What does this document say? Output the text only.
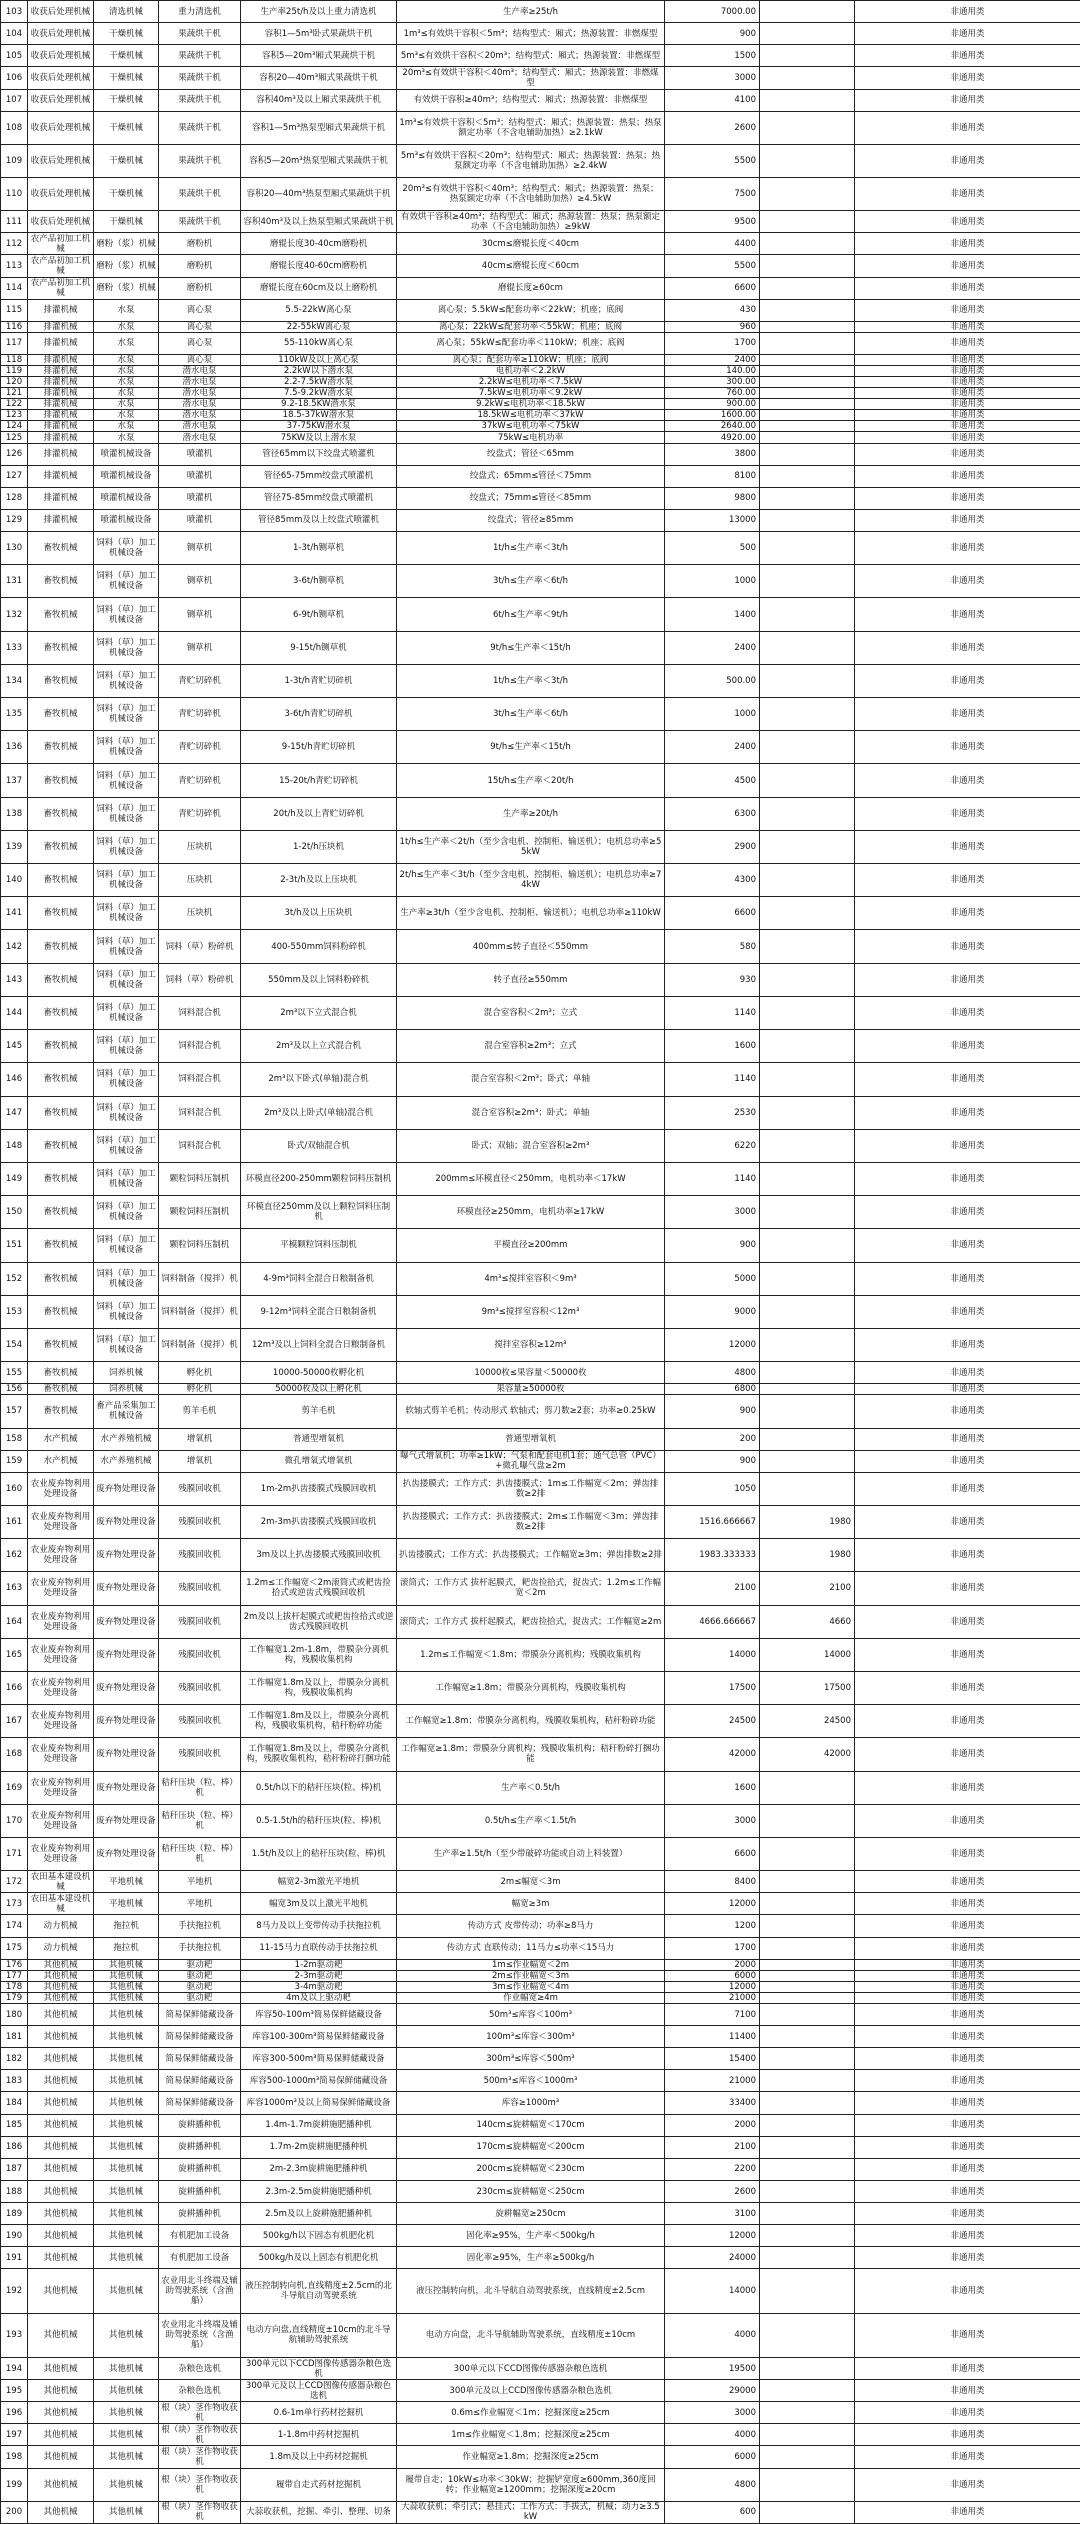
103	收获后处理机械	清选机械	重力清选机	生产率25t/h及以上重力清选机	生产率≥25t/h	7000.00		非通用类
104	收获后处理机械	干燥机械	果蔬烘干机	容积1—5m³卧式果蔬烘干机	1m³≤有效烘干容积＜5m³；结构型式：厢式；热源装置：非燃煤型	900		非通用类
105	收获后处理机械	干燥机械	果蔬烘干机	容积5—20m³厢式果蔬烘干机	5m³≤有效烘干容积＜20m³；结构型式：厢式；热源装置：非燃煤型	1500		非通用类
106	收获后处理机械	干燥机械	果蔬烘干机	容积20—40m³厢式果蔬烘干机	20m³≤有效烘干容积＜40m³；结构型式：厢式；热源装置：非燃煤型	3000		非通用类
107	收获后处理机械	干燥机械	果蔬烘干机	容积40m³及以上厢式果蔬烘干机	有效烘干容积≥40m³；结构型式：厢式；热源装置：非燃煤型	4100		非通用类
108	收获后处理机械	干燥机械	果蔬烘干机	容积1—5m³热泵型厢式果蔬烘干机	1m³≤有效烘干容积＜5m³；结构型式：厢式；热源装置：热泵；热泵额定功率（不含电辅助加热）≥2.1kW	2600		非通用类
109	收获后处理机械	干燥机械	果蔬烘干机	容积5—20m³热泵型厢式果蔬烘干机	5m³≤有效烘干容积＜20m³；结构型式：厢式；热源装置：热泵；热泵额定功率（不含电辅助加热）≥2.4kW	5500		非通用类
110	收获后处理机械	干燥机械	果蔬烘干机	容积20—40m³热泵型厢式果蔬烘干机	20m³≤有效烘干容积＜40m³；结构型式：厢式；热源装置：热泵；热泵额定功率（不含电辅助加热）≥4.5kW	7500		非通用类
111	收获后处理机械	干燥机械	果蔬烘干机	容积40m³及以上热泵型厢式果蔬烘干机	有效烘干容积≥40m³；结构型式：厢式；热源装置：热泵；热泵额定功率（不含电辅助加热）≥9kW	9500		非通用类
112	农产品初加工机械	磨粉（浆）机械	磨粉机	磨辊长度30-40cm磨粉机	30cm≤磨辊长度＜40cm	4400		非通用类
113	农产品初加工机械	磨粉（浆）机械	磨粉机	磨辊长度40-60cm磨粉机	40cm≤磨辊长度＜60cm	5500		非通用类
114	农产品初加工机械	磨粉（浆）机械	磨粉机	磨辊长度在60cm及以上磨粉机	磨辊长度≥60cm	6600		非通用类
115	排灌机械	水泵	离心泵	5.5-22kW离心泵	离心泵；5.5kW≤配套功率＜22kW；机座；底阀	430		非通用类
116	排灌机械	水泵	离心泵	22-55kW离心泵	离心泵；22kW≤配套功率＜55kW；机座；底阀	960		非通用类
117	排灌机械	水泵	离心泵	55-110kW离心泵	离心泵；55kW≤配套功率＜110kW；机座；底阀	1700		非通用类
118	排灌机械	水泵	离心泵	110kW及以上离心泵	离心泵；配套功率≥110kW；机座；底阀	2400		非通用类
119	排灌机械	水泵	潜水电泵	2.2kW以下潜水泵	电机功率＜2.2kW	140.00		非通用类
120	排灌机械	水泵	潜水电泵	2.2-7.5kW潜水泵	2.2kW≤电机功率＜7.5kW	300.00		非通用类
121	排灌机械	水泵	潜水电泵	7.5-9.2kW潜水泵	7.5kW≤电机功率＜9.2kW	760.00		非通用类
122	排灌机械	水泵	潜水电泵	9.2-18.5KW潜水泵	9.2kW≤电机功率＜18.5kW	900.00		非通用类
123	排灌机械	水泵	潜水电泵	18.5-37kW潜水泵	18.5kW≤电机功率＜37kW	1600.00		非通用类
124	排灌机械	水泵	潜水电泵	37-75KW潜水泵	37kW≤电机功率＜75kW	2640.00		非通用类
125	排灌机械	水泵	潜水电泵	75KW及以上潜水泵	75kW≤电机功率	4920.00		非通用类
126	排灌机械	喷灌机械设备	喷灌机	管径65mm以下绞盘式喷灌机	绞盘式；管径＜65mm	3800		非通用类
127	排灌机械	喷灌机械设备	喷灌机	管径65-75mm绞盘式喷灌机	绞盘式；65mm≤管径＜75mm	8100		非通用类
128	排灌机械	喷灌机械设备	喷灌机	管径75-85mm绞盘式喷灌机	绞盘式；75mm≤管径＜85mm	9800		非通用类
129	排灌机械	喷灌机械设备	喷灌机	管径85mm及以上绞盘式喷灌机	绞盘式；管径≥85mm	13000		非通用类
130	畜牧机械	饲料（草）加工机械设备	铡草机	1-3t/h铡草机	1t/h≤生产率＜3t/h	500		非通用类
131	畜牧机械	饲料（草）加工机械设备	铡草机	3-6t/h铡草机	3t/h≤生产率＜6t/h	1000		非通用类
132	畜牧机械	饲料（草）加工机械设备	铡草机	6-9t/h铡草机	6t/h≤生产率＜9t/h	1400		非通用类
133	畜牧机械	饲料（草）加工机械设备	铡草机	9-15t/h铡草机	9t/h≤生产率＜15t/h	2400		非通用类
134	畜牧机械	饲料（草）加工机械设备	青贮切碎机	1-3t/h青贮切碎机	1t/h≤生产率＜3t/h	500.00		非通用类
135	畜牧机械	饲料（草）加工机械设备	青贮切碎机	3-6t/h青贮切碎机	3t/h≤生产率＜6t/h	1000		非通用类
136	畜牧机械	饲料（草）加工机械设备	青贮切碎机	9-15t/h青贮切碎机	9t/h≤生产率＜15t/h	2400		非通用类
137	畜牧机械	饲料（草）加工机械设备	青贮切碎机	15-20t/h青贮切碎机	15t/h≤生产率＜20t/h	4500		非通用类
138	畜牧机械	饲料（草）加工机械设备	青贮切碎机	20t/h及以上青贮切碎机	生产率≥20t/h	6300		非通用类
139	畜牧机械	饲料（草）加工机械设备	压块机	1-2t/h压块机	1t/h≤生产率＜2t/h（至少含电机、控制柜、输送机）；电机总功率≥55kW	2900		非通用类
140	畜牧机械	饲料（草）加工机械设备	压块机	2-3t/h及以上压块机	2t/h≤生产率＜3t/h（至少含电机、控制柜、输送机）；电机总功率≥74kW	4300		非通用类
141	畜牧机械	饲料（草）加工机械设备	压块机	3t/h及以上压块机	生产率≥3t/h（至少含电机、控制柜、输送机）；电机总功率≥110kW	6600		非通用类
142	畜牧机械	饲料（草）加工机械设备	饲料（草）粉碎机	400-550mm饲料粉碎机	400mm≤转子直径＜550mm	580		非通用类
143	畜牧机械	饲料（草）加工机械设备	饲料（草）粉碎机	550mm及以上饲料粉碎机	转子直径≥550mm	930		非通用类
144	畜牧机械	饲料（草）加工机械设备	饲料混合机	2m³以下立式混合机	混合室容积＜2m³；立式	1140		非通用类
145	畜牧机械	饲料（草）加工机械设备	饲料混合机	2m³及以上立式混合机	混合室容积≥2m³；立式	1600		非通用类
146	畜牧机械	饲料（草）加工机械设备	饲料混合机	2m³以下卧式(单轴)混合机	混合室容积＜2m³；卧式；单轴	1140		非通用类
147	畜牧机械	饲料（草）加工机械设备	饲料混合机	2m³及以上卧式(单轴)混合机	混合室容积≥2m³；卧式；单轴	2530		非通用类
148	畜牧机械	饲料（草）加工机械设备	饲料混合机	卧式/双轴混合机	卧式；双轴；混合室容积≥2m³	6220		非通用类
149	畜牧机械	饲料（草）加工机械设备	颗粒饲料压制机	环模直径200-250mm颗粒饲料压制机	200mm≤环模直径＜250mm，电机功率＜17kW	1140		非通用类
150	畜牧机械	饲料（草）加工机械设备	颗粒饲料压制机	环模直径250mm及以上颗粒饲料压制机	环模直径≥250mm，电机功率≥17kW	3000		非通用类
151	畜牧机械	饲料（草）加工机械设备	颗粒饲料压制机	平模颗粒饲料压制机	平模直径≥200mm	900		非通用类
152	畜牧机械	饲料（草）加工机械设备	饲料制备（搅拌）机	4-9m³饲料全混合日粮制备机	4m³≤搅拌室容积＜9m³	5000		非通用类
153	畜牧机械	饲料（草）加工机械设备	饲料制备（搅拌）机	9-12m³饲料全混合日粮制备机	9m³≤搅拌室容积＜12m³	9000		非通用类
154	畜牧机械	饲料（草）加工机械设备	饲料制备（搅拌）机	12m³及以上饲料全混合日粮制备机	搅拌室容积≥12m³	12000		非通用类
155	畜牧机械	饲养机械	孵化机	10000-50000枚孵化机	10000枚≤果容量＜50000枚	4800		非通用类
156	畜牧机械	饲养机械	孵化机	50000枚及以上孵化机	果容量≥50000枚	6800		非通用类
157	畜牧机械	畜产品采集加工机械设备	剪羊毛机	剪羊毛机	软轴式剪羊毛机；传动形式 软轴式；剪刀数≥2套；功率≥0.25kW	900		非通用类
158	水产机械	水产养殖机械	增氧机	普通型增氧机	普通型增氧机	200		非通用类
159	水产机械	水产养殖机械	增氧机	微孔增氧式增氧机	曝气式增氧机；功率≥1kW；气泵和配套电机1套；通气总管（PVC）+微孔曝气盘≥2m	900		非通用类
160	农业废弃物利用处理设备	废弃物处理设备	残膜回收机	1m-2m扒齿搂膜式残膜回收机	扒齿搂膜式；工作方式：扒齿搂膜式；1m≤工作幅宽＜2m；弹齿排数≥2排	1050		非通用类
161	农业废弃物利用处理设备	废弃物处理设备	残膜回收机	2m-3m扒齿搂膜式残膜回收机	扒齿搂膜式；工作方式：扒齿搂膜式；2m≤工作幅宽＜3m；弹齿排数≥2排	1516.666667	1980	非通用类
162	农业废弃物利用处理设备	废弃物处理设备	残膜回收机	3m及以上扒齿搂膜式残膜回收机	扒齿搂膜式；工作方式：扒齿搂膜式；工作幅宽≥3m；弹齿排数≥2排	1983.333333	1980	非通用类
163	农业废弃物利用处理设备	废弃物处理设备	残膜回收机	1.2m≤工作幅宽＜2m滚筒式或耙齿捡拾式或逆齿式残膜回收机	滚筒式；工作方式 拔杆起膜式，耙齿捡拾式，捉齿式；1.2m≤工作幅宽＜2m	2100	2100	非通用类
164	农业废弃物利用处理设备	废弃物处理设备	残膜回收机	2m及以上拔杆起膜式或耙齿捡拾式或逆齿式残膜回收机	滚筒式；工作方式 拔杆起膜式，耙齿捡拾式，捉齿式；工作幅宽≥2m	4666.666667	4660	非通用类
165	农业废弃物利用处理设备	废弃物处理设备	残膜回收机	工作幅宽1.2m-1.8m，带膜杂分离机构，残膜收集机构	1.2m≤工作幅宽＜1.8m；带膜杂分离机构；残膜收集机构	14000	14000	非通用类
166	农业废弃物利用处理设备	废弃物处理设备	残膜回收机	工作幅宽1.8m及以上，带膜杂分离机构，残膜收集机构	工作幅宽≥1.8m；带膜杂分离机构，残膜收集机构	17500	17500	非通用类
167	农业废弃物利用处理设备	废弃物处理设备	残膜回收机	工作幅宽1.8m及以上，带膜杂分离机构，残膜收集机构，秸秆粉碎功能	工作幅宽≥1.8m；带膜杂分离机构，残膜收集机构，秸秆粉碎功能	24500	24500	非通用类
168	农业废弃物利用处理设备	废弃物处理设备	残膜回收机	工作幅宽1.8m及以上，带膜杂分离机构，残膜收集机构，秸秆粉碎打捆功能	工作幅宽≥1.8m；带膜杂分离机构；残膜收集机构；秸秆粉碎打捆功能	42000	42000	非通用类
169	农业废弃物利用处理设备	废弃物处理设备	秸秆压块（粒、棒）机	0.5t/h以下的秸秆压块(粒、棒)机	生产率＜0.5t/h	1600		非通用类
170	农业废弃物利用处理设备	废弃物处理设备	秸秆压块（粒、棒）机	0.5-1.5t/h的秸秆压块(粒、棒)机	0.5t/h≤生产率＜1.5t/h	3000		非通用类
171	农业废弃物利用处理设备	废弃物处理设备	秸秆压块（粒、棒）机	1.5t/h及以上的秸秆压块(粒、棒)机	生产率≥1.5t/h（至少带破碎功能或自动上料装置）	6600		非通用类
172	农田基本建设机械	平地机械	平地机	幅宽2-3m激光平地机	2m≤幅宽＜3m	8400		非通用类
173	农田基本建设机械	平地机械	平地机	幅宽3m及以上激光平地机	幅宽≥3m	12000		非通用类
174	动力机械	拖拉机	手扶拖拉机	8马力及以上变带传动手扶拖拉机	传动方式 皮带传动；功率≥8马力	1200		非通用类
175	动力机械	拖拉机	手扶拖拉机	11-15马力直联传动手扶拖拉机	传动方式 直联传动；11马力≤功率＜15马力	1700		非通用类
176	其他机械	其他机械	驱动耙	1-2m驱动耙	1m≤作业幅宽＜2m	2000		非通用类
177	其他机械	其他机械	驱动耙	2-3m驱动耙	2m≤作业幅宽＜3m	6000		非通用类
178	其他机械	其他机械	驱动耙	3-4m驱动耙	3m≤作业幅宽＜4m	12000		非通用类
179	其他机械	其他机械	驱动耙	4m及以上驱动耙	作业幅宽≥4m	21000		非通用类
180	其他机械	其他机械	简易保鲜储藏设备	库容50-100m³简易保鲜储藏设备	50m³≤库容＜100m³	7100		非通用类
181	其他机械	其他机械	简易保鲜储藏设备	库容100-300m³简易保鲜储藏设备	100m³≤库容＜300m³	11400		非通用类
182	其他机械	其他机械	简易保鲜储藏设备	库容300-500m³简易保鲜储藏设备	300m³≤库容＜500m³	15400		非通用类
183	其他机械	其他机械	简易保鲜储藏设备	库容500-1000m³简易保鲜储藏设备	500m³≤库容＜1000m³	21000		非通用类
184	其他机械	其他机械	简易保鲜储藏设备	库容1000m³及以上简易保鲜储藏设备	库容≥1000m³	33400		非通用类
185	其他机械	其他机械	旋耕播种机	1.4m-1.7m旋耕施肥播种机	140cm≤旋耕幅宽＜170cm	2000		非通用类
186	其他机械	其他机械	旋耕播种机	1.7m-2m旋耕施肥播种机	170cm≤旋耕幅宽＜200cm	2100		非通用类
187	其他机械	其他机械	旋耕播种机	2m-2.3m旋耕施肥播种机	200cm≤旋耕幅宽＜230cm	2200		非通用类
188	其他机械	其他机械	旋耕播种机	2.3m-2.5m旋耕施肥播种机	230cm≤旋耕幅宽＜250cm	2600		非通用类
189	其他机械	其他机械	旋耕播种机	2.5m及以上旋耕施肥播种机	旋耕幅宽≥250cm	3100		非通用类
190	其他机械	其他机械	有机肥加工设备	500kg/h以下固态有机肥化机	固化率≥95%，生产率＜500kg/h	12000		非通用类
191	其他机械	其他机械	有机肥加工设备	500kg/h及以上固态有机肥化机	固化率≥95%，生产率≥500kg/h	24000		非通用类
192	其他机械	其他机械	农业用北斗终端及辅助驾驶系统（含渔船）	液压控制转向机,直线精度±2.5cm的北斗导航自动驾驶系统	液压控制转向机，北斗导航自动驾驶系统，直线精度±2.5cm	14000		非通用类
193	其他机械	其他机械	农业用北斗终端及辅助驾驶系统（含渔船）	电动方向盘,直线精度±10cm的北斗导航辅助驾驶系统	电动方向盘，北斗导航辅助驾驶系统，直线精度±10cm	4000		非通用类
194	其他机械	其他机械	杂粮色选机	300单元以下CCD图像传感器杂粮色选机	300单元以下CCD图像传感器杂粮色选机	19500		非通用类
195	其他机械	其他机械	杂粮色选机	300单元及以上CCD图像传感器杂粮色选机	300单元及以上CCD图像传感器杂粮色选机	29000		非通用类
196	其他机械	其他机械	根（块）茎作物收获机	0.6-1m单行药材挖掘机	0.6m≤作业幅宽＜1m；挖掘深度≥25cm	3000		非通用类
197	其他机械	其他机械	根（块）茎作物收获机	1-1.8m中药材挖掘机	1m≤作业幅宽＜1.8m；挖掘深度≥25cm	4000		非通用类
198	其他机械	其他机械	根（块）茎作物收获机	1.8m及以上中药材挖掘机	作业幅宽≥1.8m；挖掘深度≥25cm	6000		非通用类
199	其他机械	其他机械	根（块）茎作物收获机	履带自走式药材挖掘机	履带自走；10kW≤功率＜30kW；挖掘铲宽度≥600mm,360度回转；作业幅宽≥1200mm；挖掘深度≥20cm	4800		非通用类
200	其他机械	其他机械	根（块）茎作物收获机	大蒜收获机，挖掘、牵引、整理、切条	大蒜收获机；牵引式；悬挂式；工作方式：手拔式，机械；动力≥3.5kW	600		非通用类
